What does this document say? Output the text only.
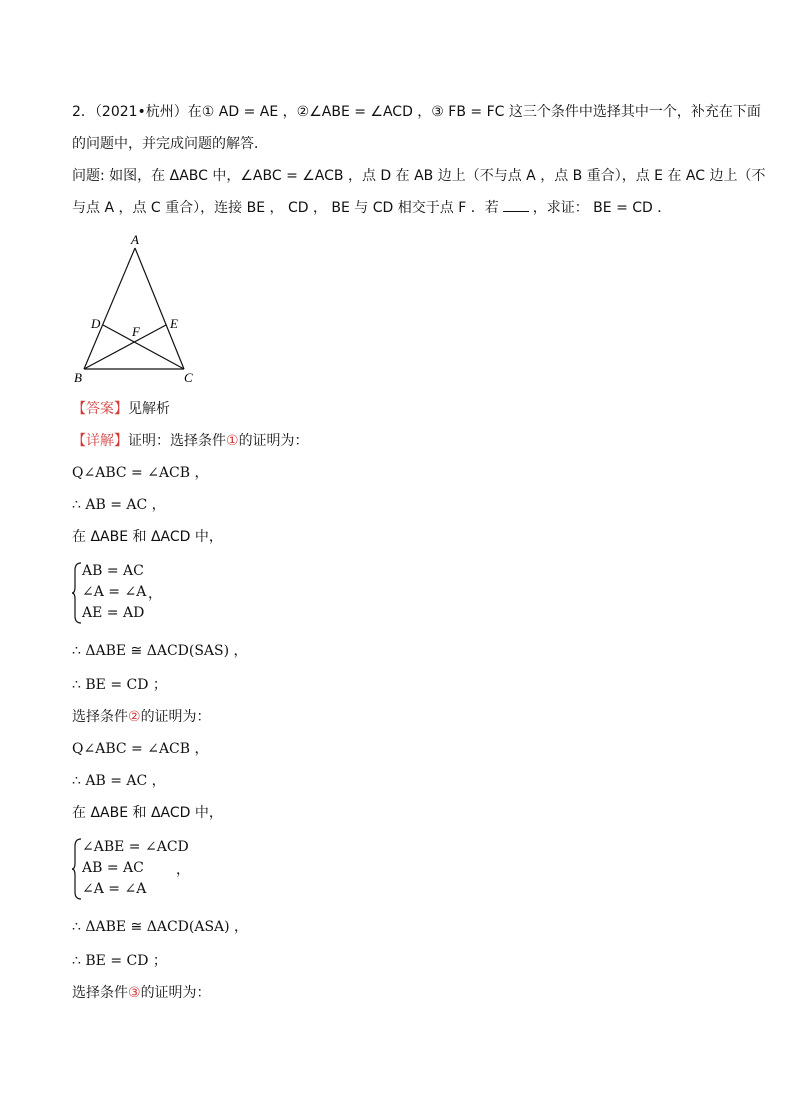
2．（2021•杭州）在① AD = AE ，②∠ABE = ∠ACD ，③ FB = FC 这三个条件中选择其中一个，补充在下面
的问题中，并完成问题的解答．
问题: 如图，在 ΔABC 中，∠ABC = ∠ACB ，点 D 在 AB 边上（不与点 A ，点 B 重合），点 E 在 AC 边上（不
与点 A ，点 C 重合），连接 BE ， CD ， BE 与 CD 相交于点 F ．若 ，求证： BE = CD ．
A
D	E
F
B	C
【答案】见解析
【详解】证明：选择条件①的证明为：
Q∠ABC = ∠ACB ，
∴ AB = AC ，
在 ΔABE 和 ΔACD 中，
AB = AC
∠A = ∠A
AE = AD
，
∴ ΔABE ≅ ΔACD(SAS) ，
∴ BE = CD ；
选择条件②的证明为：
Q∠ABC = ∠ACB ，
∴ AB = AC ，
在 ΔABE 和 ΔACD 中，
∠ABE = ∠ACD
AB = AC
∠A = ∠A
，
∴ ΔABE ≅ ΔACD(ASA) ，
∴ BE = CD ；
选择条件③的证明为：
